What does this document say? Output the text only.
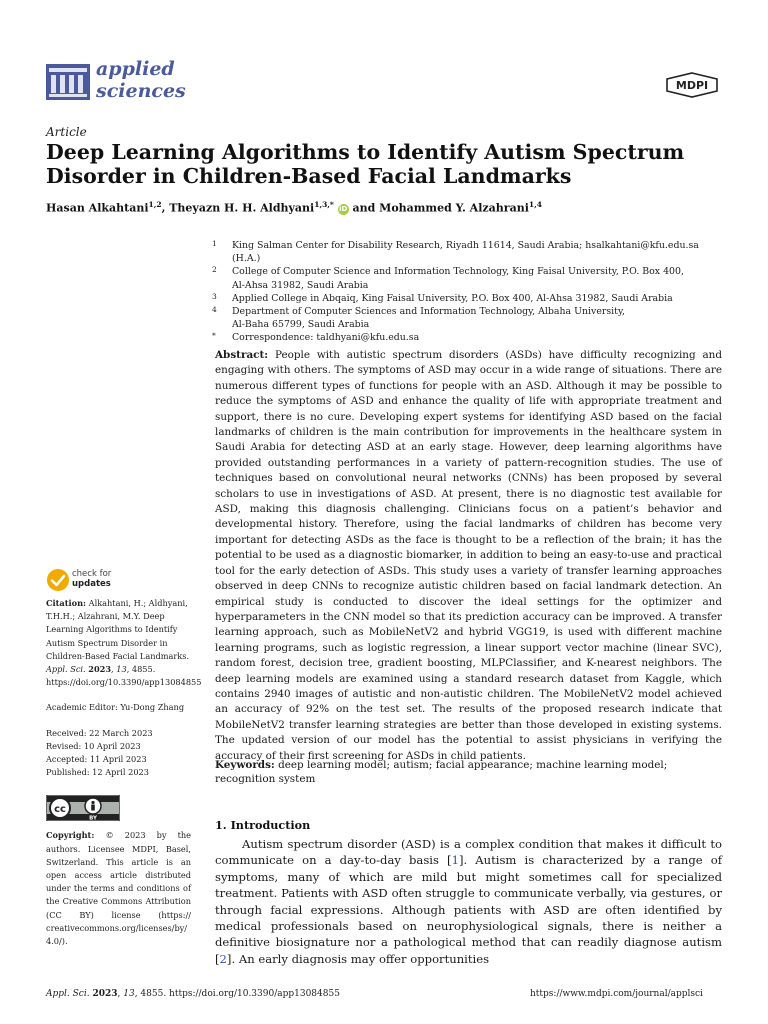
applied
sciences	MDPI
Article
Deep Learning Algorithms to Identify Autism Spectrum Disorder in Children-Based Facial Landmarks
Hasan Alkahtani$^{1,2}$, Theyazn H. H. Aldhyani$^{1,3,*}$ iD and Mohammed Y. Alzahrani$^{1,4}$
1	King Salman Center for Disability Research, Riyadh 11614, Saudi Arabia; hsalkahtani@kfu.edu.sa (H.A.)
2	College of Computer Science and Information Technology, King Faisal University, P.O. Box 400,
Al-Ahsa 31982, Saudi Arabia
3	Applied College in Abqaiq, King Faisal University, P.O. Box 400, Al-Ahsa 31982, Saudi Arabia
4	Department of Computer Sciences and Information Technology, Albaha University,
Al-Baha 65799, Saudi Arabia
*	Correspondence: taldhyani@kfu.edu.sa

Abstract: People with autistic spectrum disorders (ASDs) have difficulty recognizing and engaging with others. The symptoms of ASD may occur in a wide range of situations. There are numerous different types of functions for people with an ASD. Although it may be possible to reduce the symptoms of ASD and enhance the quality of life with appropriate treatment and support, there is no cure. Developing expert systems for identifying ASD based on the facial landmarks of children is the main contribution for improvements in the healthcare system in Saudi Arabia for detecting ASD at an early stage. However, deep learning algorithms have provided outstanding performances in a variety of pattern-recognition studies. The use of techniques based on convolutional neural networks (CNNs) has been proposed by several scholars to use in investigations of ASD. At present, there is no diagnostic test available for ASD, making this diagnosis challenging. Clinicians focus on a patient’s behavior and developmental history. Therefore, using the facial landmarks of children has become very important for detecting ASDs as the face is thought to be a reflection of the brain; it has the potential to be used as a diagnostic biomarker, in addition to being an easy-to-use and practical tool for the early detection of ASDs. This study uses a variety of transfer learning approaches observed in deep CNNs to recognize autistic children based on facial landmark detection. An empirical study is conducted to discover the ideal settings for the optimizer and hyperparameters in the CNN model so that its prediction accuracy can be improved. A transfer learning approach, such as MobileNetV2 and hybrid VGG19, is used with different machine learning programs, such as logistic regression, a linear support vector machine (linear SVC), random forest, decision tree, gradient boosting, MLPClassifier, and K-nearest neighbors. The deep learning models are examined using a standard research dataset from Kaggle, which contains 2940 images of autistic and non-autistic children. The MobileNetV2 model achieved an accuracy of 92% on the test set. The results of the proposed research indicate that MobileNetV2 transfer learning strategies are better than those developed in existing systems. The updated version of our model has the potential to assist physicians in verifying the accuracy of their first screening for ASDs in child patients.

Keywords: deep learning model; autism; facial appearance; machine learning model; recognition system

check for
updates

Citation: Alkahtani, H.; Aldhyani, T.H.H.; Alzahrani, M.Y. Deep Learning Algorithms to Identify Autism Spectrum Disorder in Children-Based Facial Landmarks. Appl. Sci. 2023, 13, 4855. https://doi.org/10.3390/app13084855

Academic Editor: Yu-Dong Zhang

Received: 22 March 2023

Revised: 10 April 2023

Accepted: 11 April 2023

Published: 12 April 2023

cc
BY

Copyright: © 2023 by the authors. Licensee MDPI, Basel, Switzerland. This article is an open access article distributed under the terms and conditions of the Creative Commons Attribution (CC BY) license (https:// creativecommons.org/licenses/by/ 4.0/).

1. Introduction

Autism spectrum disorder (ASD) is a complex condition that makes it difficult to communicate on a day-to-day basis [1]. Autism is characterized by a range of symptoms, many of which are mild but might sometimes call for specialized treatment. Patients with ASD often struggle to communicate verbally, via gestures, or through facial expressions. Although patients with ASD are often identified by medical professionals based on neurophysiological signals, there is neither a definitive biosignature nor a pathological method that can readily diagnose autism [2]. An early diagnosis may offer opportunities

Appl. Sci. 2023, 13, 4855. https://doi.org/10.3390/app13084855	https://www.mdpi.com/journal/applsci
